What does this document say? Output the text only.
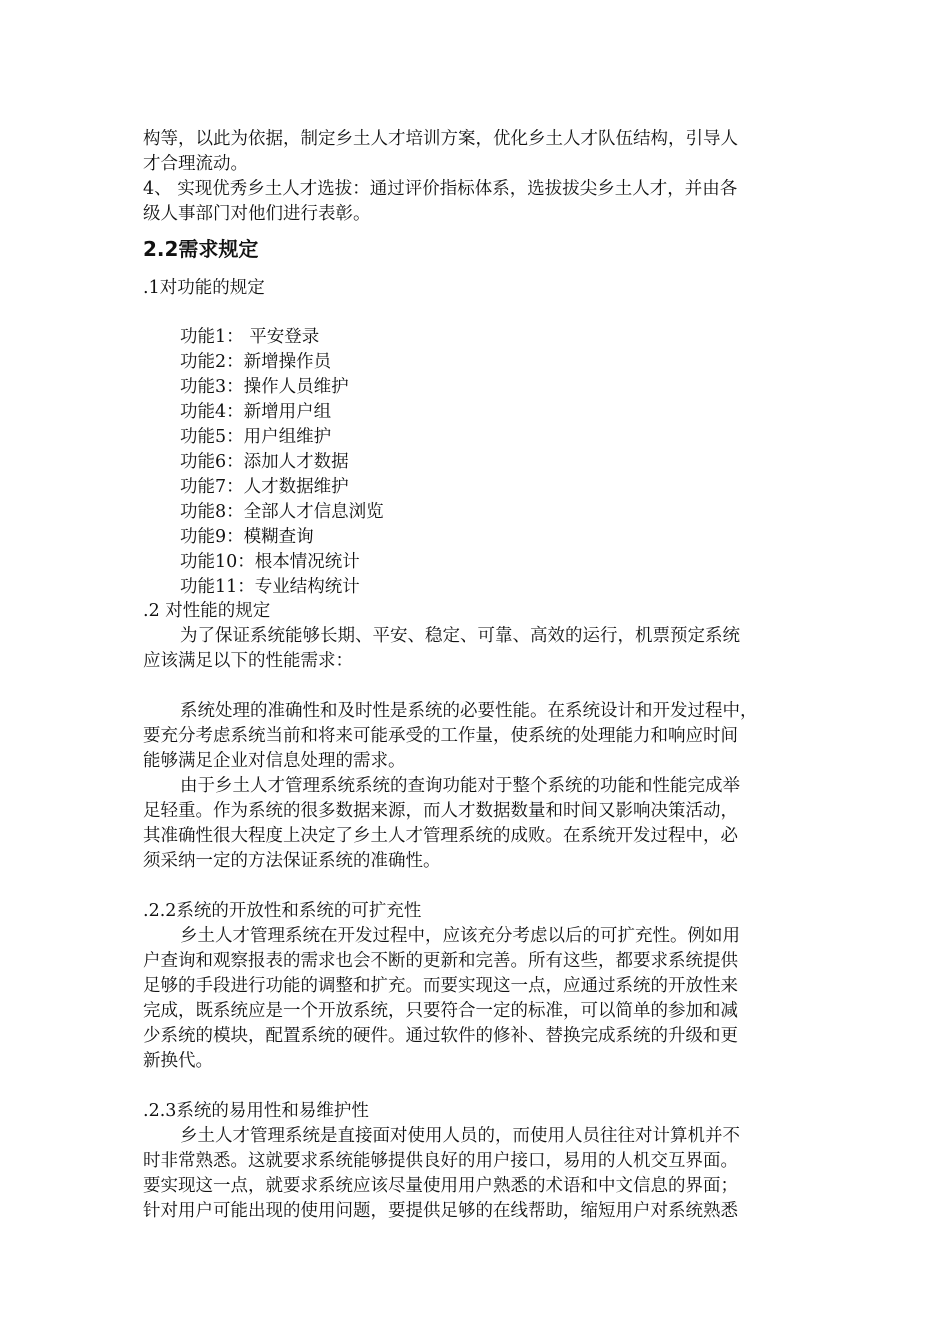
构等，以此为依据，制定乡土人才培训方案，优化乡土人才队伍结构，引导人
才合理流动。
4、 实现优秀乡土人才选拔：通过评价指标体系，选拔拔尖乡土人才，并由各
级人事部门对他们进行表彰。
2.2需求规定
.1对功能的规定
功能1： 平安登录
功能2：新增操作员
功能3：操作人员维护
功能4：新增用户组
功能5：用户组维护
功能6：添加人才数据
功能7：人才数据维护
功能8：全部人才信息浏览
功能9：模糊查询
功能10：根本情况统计
功能11：专业结构统计
.2 对性能的规定
为了保证系统能够长期、平安、稳定、可靠、高效的运行，机票预定系统
应该满足以下的性能需求：
系统处理的准确性和及时性是系统的必要性能。在系统设计和开发过程中，
要充分考虑系统当前和将来可能承受的工作量，使系统的处理能力和响应时间
能够满足企业对信息处理的需求。
由于乡土人才管理系统系统的查询功能对于整个系统的功能和性能完成举
足轻重。作为系统的很多数据来源，而人才数据数量和时间又影响决策活动，
其准确性很大程度上决定了乡土人才管理系统的成败。在系统开发过程中，必
须采纳一定的方法保证系统的准确性。
.2.2系统的开放性和系统的可扩充性
乡土人才管理系统在开发过程中，应该充分考虑以后的可扩充性。例如用
户查询和观察报表的需求也会不断的更新和完善。所有这些，都要求系统提供
足够的手段进行功能的调整和扩充。而要实现这一点，应通过系统的开放性来
完成，既系统应是一个开放系统，只要符合一定的标准，可以简单的参加和减
少系统的模块，配置系统的硬件。通过软件的修补、替换完成系统的升级和更
新换代。
.2.3系统的易用性和易维护性
乡土人才管理系统是直接面对使用人员的，而使用人员往往对计算机并不
时非常熟悉。这就要求系统能够提供良好的用户接口，易用的人机交互界面。
要实现这一点，就要求系统应该尽量使用用户熟悉的术语和中文信息的界面；
针对用户可能出现的使用问题，要提供足够的在线帮助，缩短用户对系统熟悉
